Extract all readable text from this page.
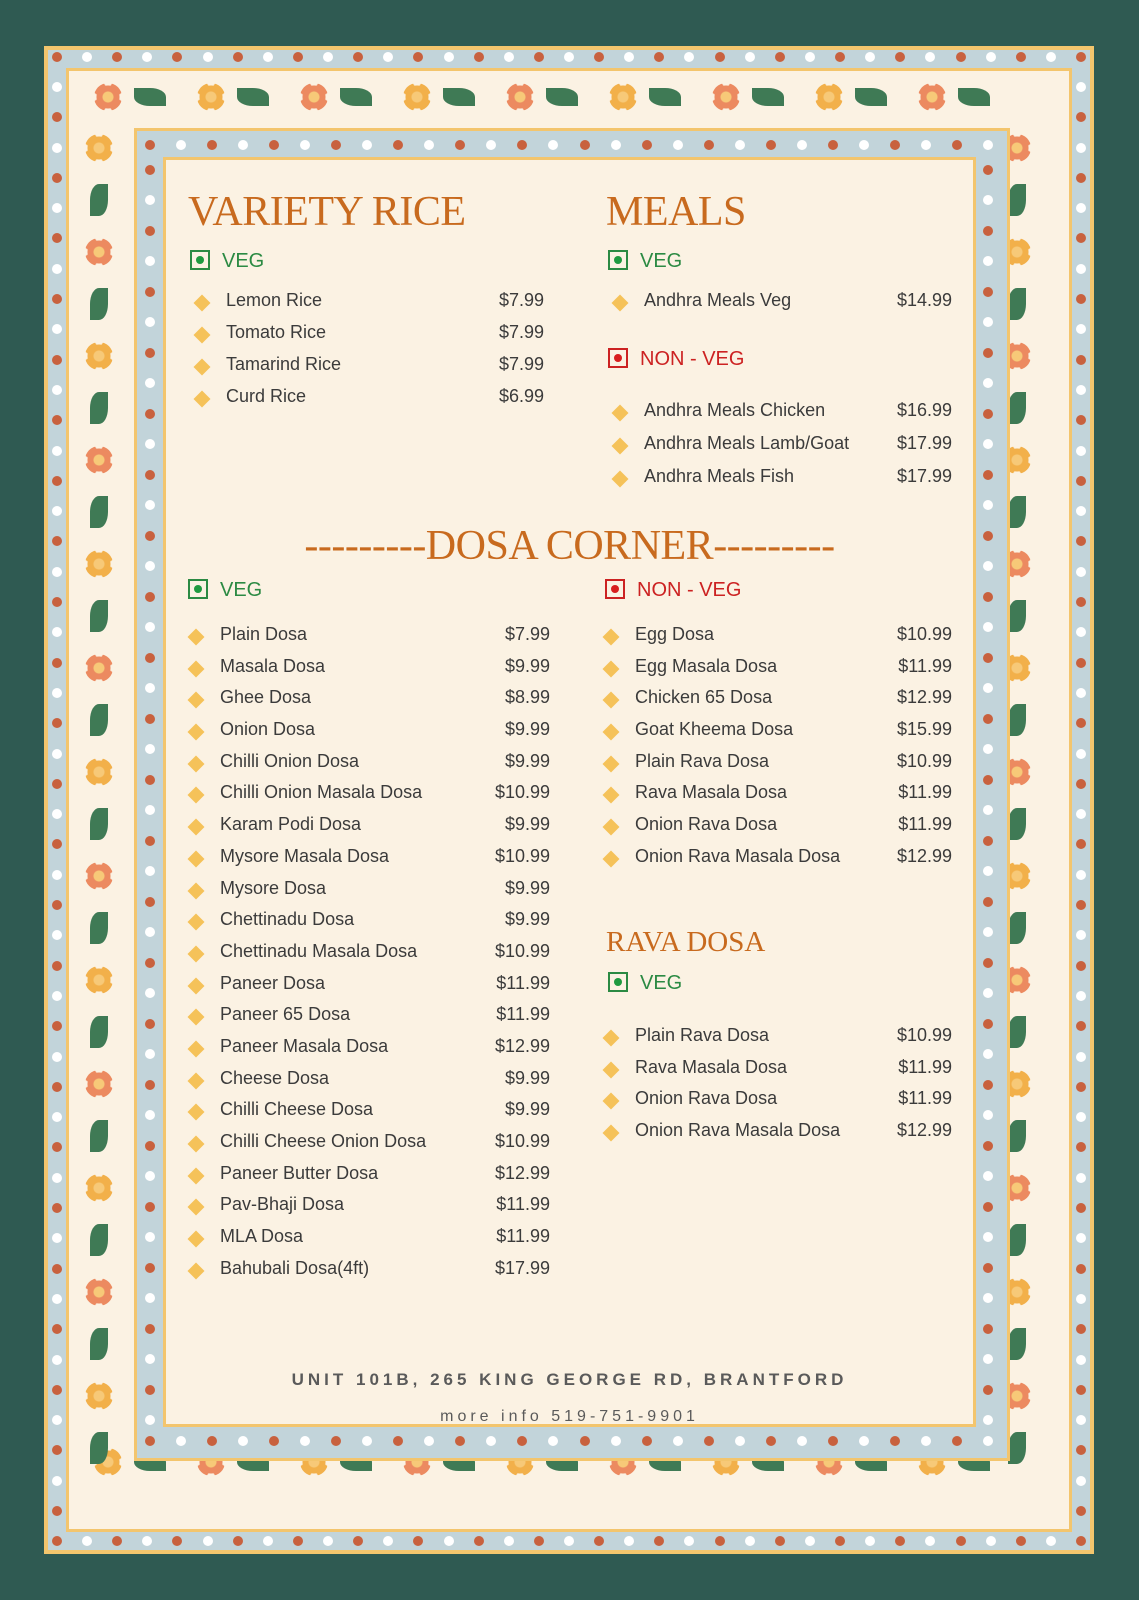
VARIETY RICE
VEG
Lemon Rice	$7.99
Tomato Rice	$7.99
Tamarind Rice	$7.99
Curd Rice	$6.99
MEALS
VEG
Andhra Meals Veg	$14.99
NON - VEG
Andhra Meals Chicken	$16.99
Andhra Meals Lamb/Goat	$17.99
Andhra Meals Fish	$17.99
---------DOSA CORNER---------
VEG
Plain Dosa	$7.99
Masala Dosa	$9.99
Ghee Dosa	$8.99
Onion Dosa	$9.99
Chilli Onion Dosa	$9.99
Chilli Onion Masala Dosa	$10.99
Karam Podi Dosa	$9.99
Mysore Masala Dosa	$10.99
Mysore Dosa	$9.99
Chettinadu Dosa	$9.99
Chettinadu Masala Dosa	$10.99
Paneer Dosa	$11.99
Paneer 65 Dosa	$11.99
Paneer Masala Dosa	$12.99
Cheese Dosa	$9.99
Chilli Cheese Dosa	$9.99
Chilli Cheese Onion Dosa	$10.99
Paneer Butter Dosa	$12.99
Pav-Bhaji Dosa	$11.99
MLA Dosa	$11.99
Bahubali Dosa(4ft)	$17.99
NON - VEG
Egg Dosa	$10.99
Egg Masala Dosa	$11.99
Chicken 65 Dosa	$12.99
Goat Kheema Dosa	$15.99
Plain Rava Dosa	$10.99
Rava Masala Dosa	$11.99
Onion Rava Dosa	$11.99
Onion Rava Masala Dosa	$12.99
RAVA DOSA
VEG
Plain Rava Dosa	$10.99
Rava Masala Dosa	$11.99
Onion Rava Dosa	$11.99
Onion Rava Masala Dosa	$12.99
UNIT 101B, 265 KING GEORGE RD, BRANTFORD
more info 519-751-9901
